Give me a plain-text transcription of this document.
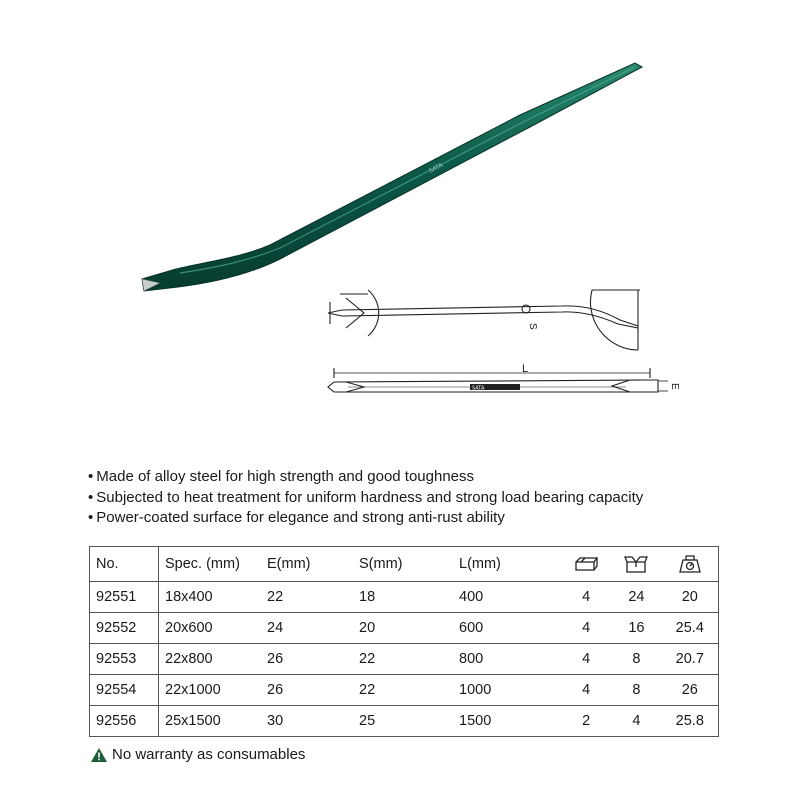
SATA
SATA
L
S
E
• Made of alloy steel for high strength and good toughness
• Subjected to heat treatment for uniform hardness and strong load bearing capacity
• Power-coated surface for elegance and strong anti-rust ability
No.	Spec. (mm)	E(mm)	S(mm)	L(mm)	

92551	18x400	22	18	400	4	24	20
92552	20x600	24	20	600	4	16	25.4
92553	22x800	26	22	800	4	8	20.7
92554	22x1000	26	22	1000	4	8	26
92556	25x1500	30	25	1500	2	4	25.8
No warranty as consumables
